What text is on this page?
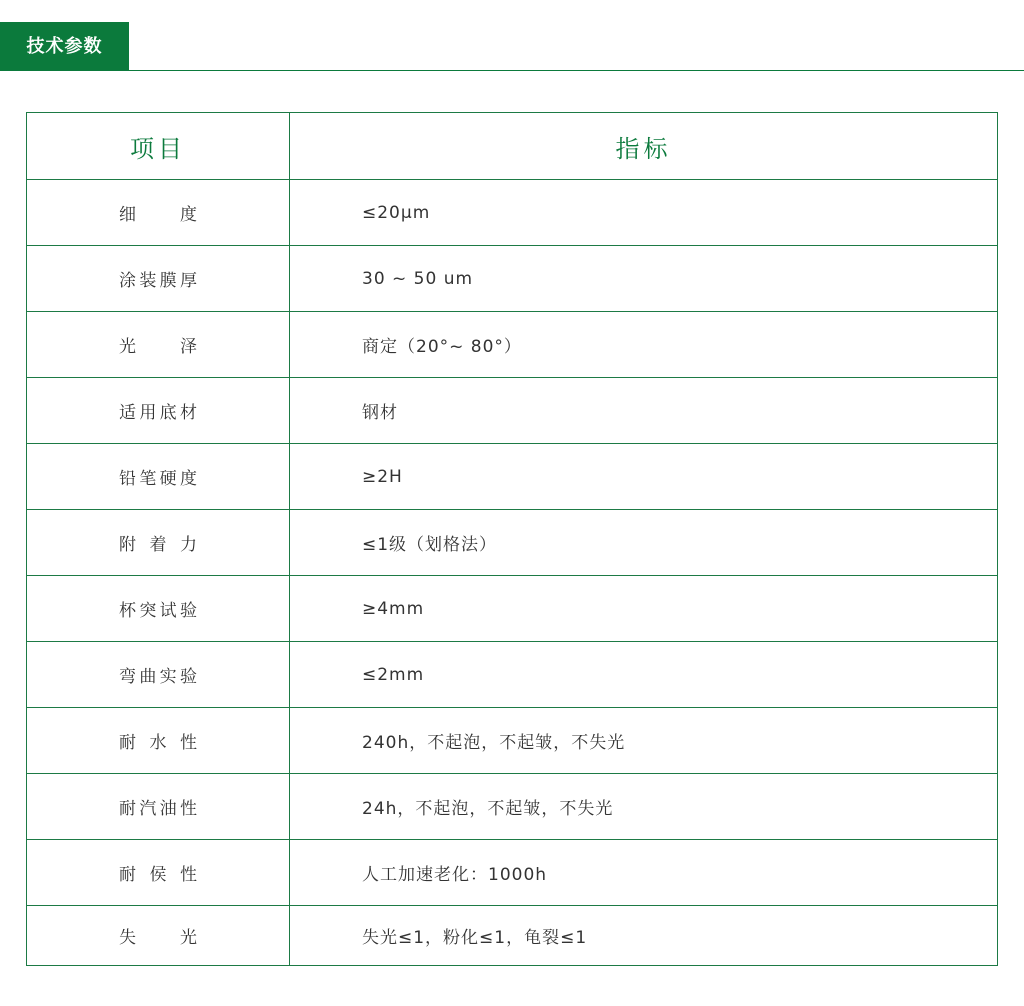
技术参数
项目	指标
细　　度	≤20μm
涂装膜厚	30 ~ 50 um
光　　泽	商定（20°~ 80°）
适用底材	钢材
铅笔硬度	≥2H
附 着 力	≤1级（划格法）
杯突试验	≥4mm
弯曲实验	≤2mm
耐 水 性	240h，不起泡，不起皱，不失光
耐汽油性	24h，不起泡，不起皱，不失光
耐 侯 性	人工加速老化：1000h
失　　光	失光≤1，粉化≤1，龟裂≤1
